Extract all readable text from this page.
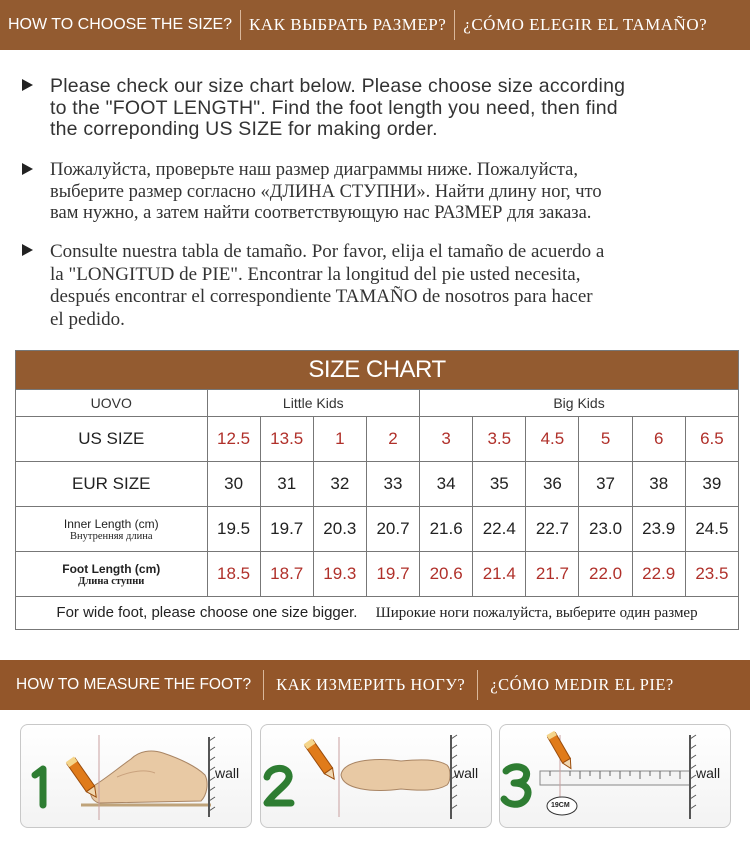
HOW TO CHOOSE THE SIZE? КАК ВЫБРАТЬ РАЗМЕР? ¿CÓMO ELEGIR EL TAMAÑO?
Please check our size chart below. Please choose size according
to the "FOOT LENGTH". Find the foot length you need, then find
the correponding US SIZE for making order.
Пожалуйста, проверьте наш размер диаграммы ниже. Пожалуйста,
выберите размер согласно «ДЛИНА СТУПНИ». Найти длину ног, что
вам нужно, а затем найти соответствующую нас РАЗМЕР для заказа.
Consulte nuestra tabla de tamaño. Por favor, elija el tamaño de acuerdo a
la "LONGITUD de PIE". Encontrar la longitud del pie usted necesita,
después encontrar el correspondiente TAMAÑO de nosotros para hacer
el pedido.
SIZE CHART										
UOVO	Little Kids				Big Kids					
US SIZE	12.5	13.5	1	2	3	3.5	4.5	5	6	6.5
EUR SIZE	30	31	32	33	34	35	36	37	38	39

Inner Length (cm)
Внутренняя длина	19.5	19.7	20.3	20.7	21.6	22.4	22.7	23.0	23.9	24.5

Foot Length (cm)
Длина ступни	18.5	18.7	19.3	19.7	20.6	21.4	21.7	22.0	22.9	23.5
For wide foot, please choose one size bigger. Широкие ноги пожалуйста, выберите один размер										
HOW TO MEASURE THE FOOT? КАК ИЗМЕРИТЬ НОГУ? ¿CÓMO MEDIR EL PIE?
wall	wall
19CM
wall
